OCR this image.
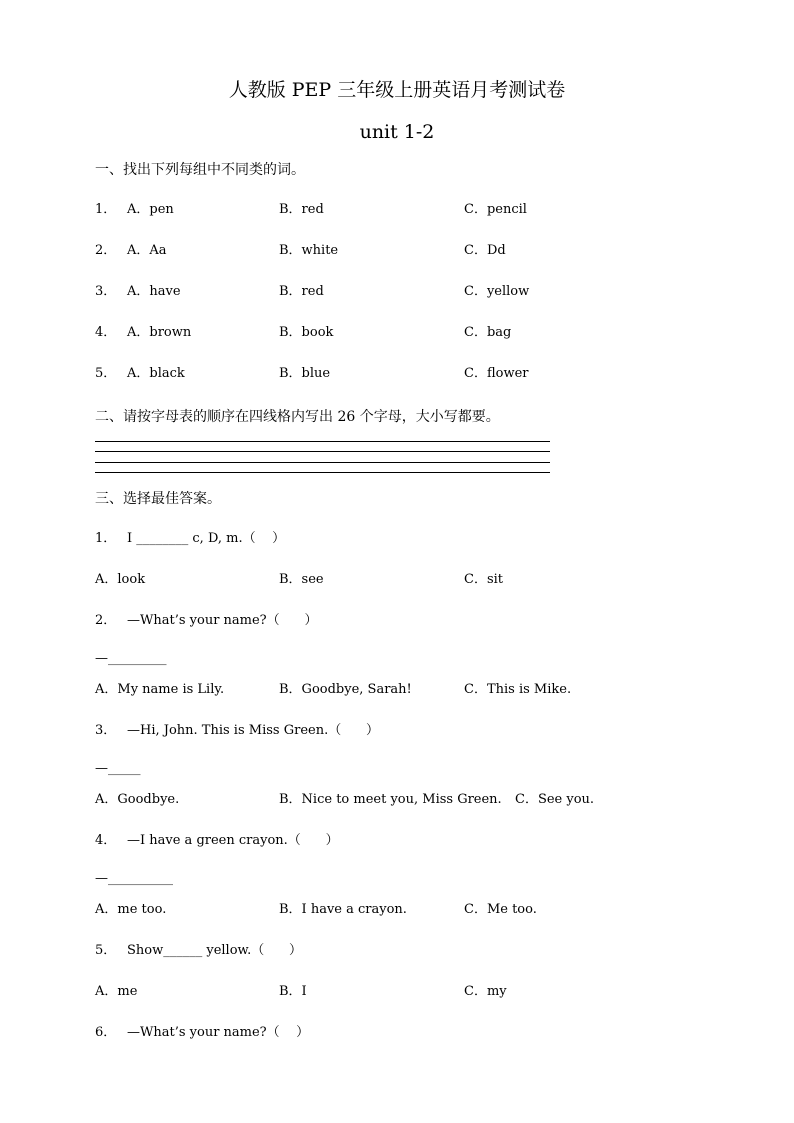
人教版 PEP 三年级上册英语月考测试卷
unit 1-2
一、找出下列每组中不同类的词。
1． A．pen	B．red	C．pencil
2． A．Aa	B．white	C．Dd
3． A．have	B．red	C．yellow
4． A．brown	B．book	C．bag
5． A．black	B．blue	C．flower
二、请按字母表的顺序在四线格内写出 26 个字母，大小写都要。
三、选择最佳答案。
1． I ________ c, D, m.（    ）
A．look	B．see	C．sit
2． —What’s your name?（      ）
—_________
A．My name is Lily.	B．Goodbye, Sarah!	C．This is Mike.
3． —Hi, John. This is Miss Green.（      ）
—_____
A．Goodbye.	B．Nice to meet you, Miss Green. C．See you.
4． —I have a green crayon.（      ）
—__________
A．me too.	B．I have a crayon.	C．Me too.
5． Show______ yellow.（      ）
A．me	B．I	C．my
6． —What’s your name?（    ）
